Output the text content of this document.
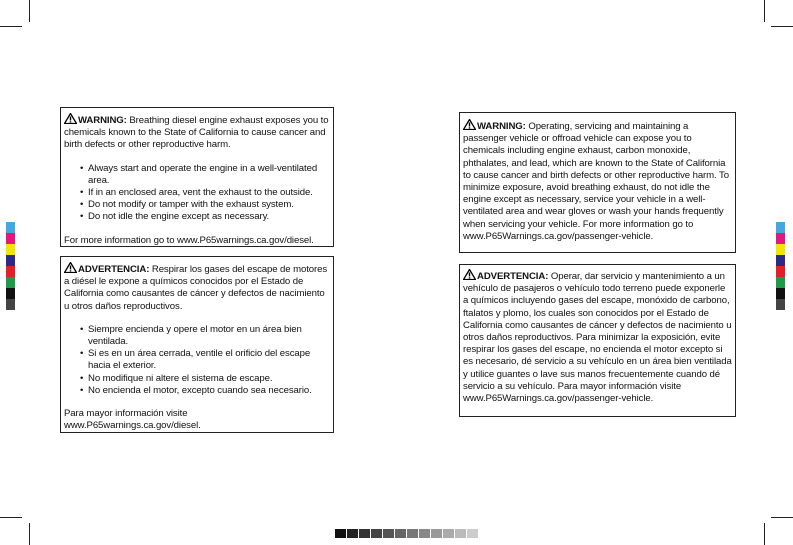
WARNING: Breathing diesel engine exhaust exposes you to chemicals known to the State of California to cause cancer and birth defects or other reproductive harm.

• Always start and operate the engine in a well-ventilated area.
• If in an enclosed area, vent the exhaust to the outside.
• Do not modify or tamper with the exhaust system.
• Do not idle the engine except as necessary.

For more information go to www.P65warnings.ca.gov/diesel.

ADVERTENCIA: Respirar los gases del escape de motores a diésel le expone a químicos conocidos por el Estado de California como causantes de cáncer y defectos de nacimiento u otros daños reproductivos.

• Siempre encienda y opere el motor en un área bien ventilada.
• Si es en un área cerrada, ventile el orificio del escape hacia el exterior.
• No modifique ni altere el sistema de escape.
• No encienda el motor, excepto cuando sea necesario.

Para mayor información visite www.P65warnings.ca.gov/diesel.

WARNING: Operating, servicing and maintaining a passenger vehicle or offroad vehicle can expose you to chemicals including engine exhaust, carbon monoxide, phthalates, and lead, which are known to the State of California to cause cancer and birth defects or other reproductive harm. To minimize exposure, avoid breathing exhaust, do not idle the engine except as necessary, service your vehicle in a well-ventilated area and wear gloves or wash your hands frequently when servicing your vehicle. For more information go to www.P65Warnings.ca.gov/passenger-vehicle.

ADVERTENCIA: Operar, dar servicio y mantenimiento a un vehículo de pasajeros o vehículo todo terreno puede exponerle a químicos incluyendo gases del escape, monóxido de carbono, ftalatos y plomo, los cuales son conocidos por el Estado de California como causantes de cáncer y defectos de nacimiento u otros daños reproductivos. Para minimizar la exposición, evite respirar los gases del escape, no encienda el motor excepto si es necesario, dé servicio a su vehículo en un área bien ventilada y utilice guantes o lave sus manos frecuentemente cuando dé servicio a su vehículo. Para mayor información visite www.P65Warnings.ca.gov/passenger-vehicle.
